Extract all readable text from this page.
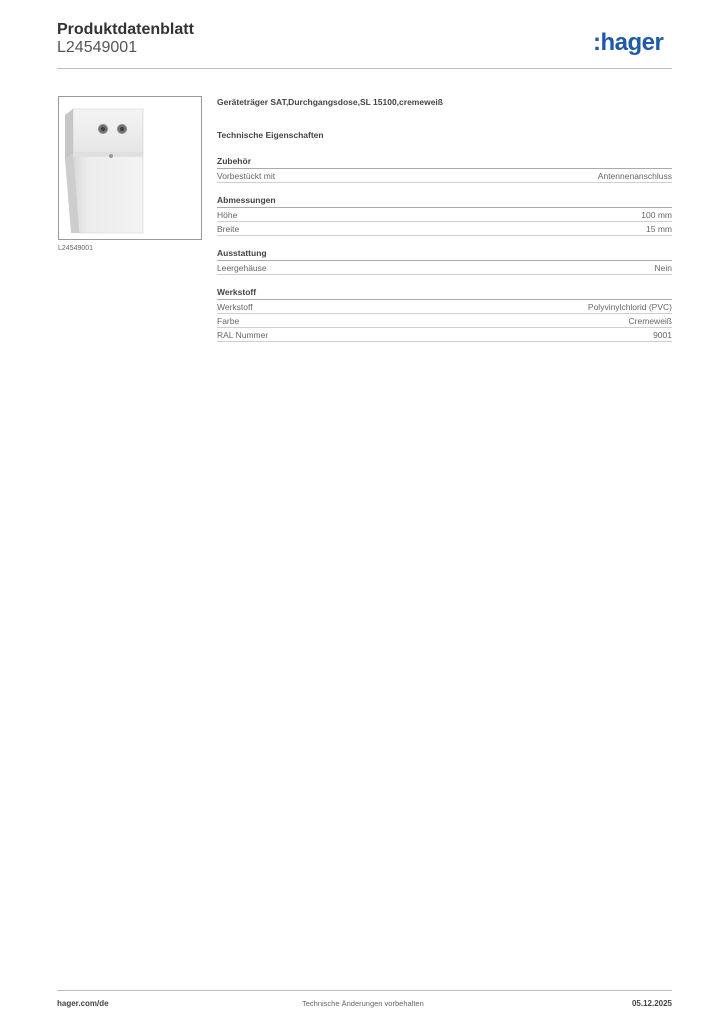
Produktdatenblatt
L24549001	:hager
L24549001
Geräteträger SAT,Durchgangsdose,SL 15100,cremeweiß
Technische Eigenschaften
Zubehör
Vorbestückt mit	Antennenanschluss
Abmessungen
Höhe	100 mm
Breite	15 mm
Ausstattung
Leergehäuse	Nein
Werkstoff
Werkstoff	Polyvinylchlorid (PVC)
Farbe	Cremeweiß
RAL Nummer	9001
hager.com/de	Technische Änderungen vorbehalten	05.12.2025
